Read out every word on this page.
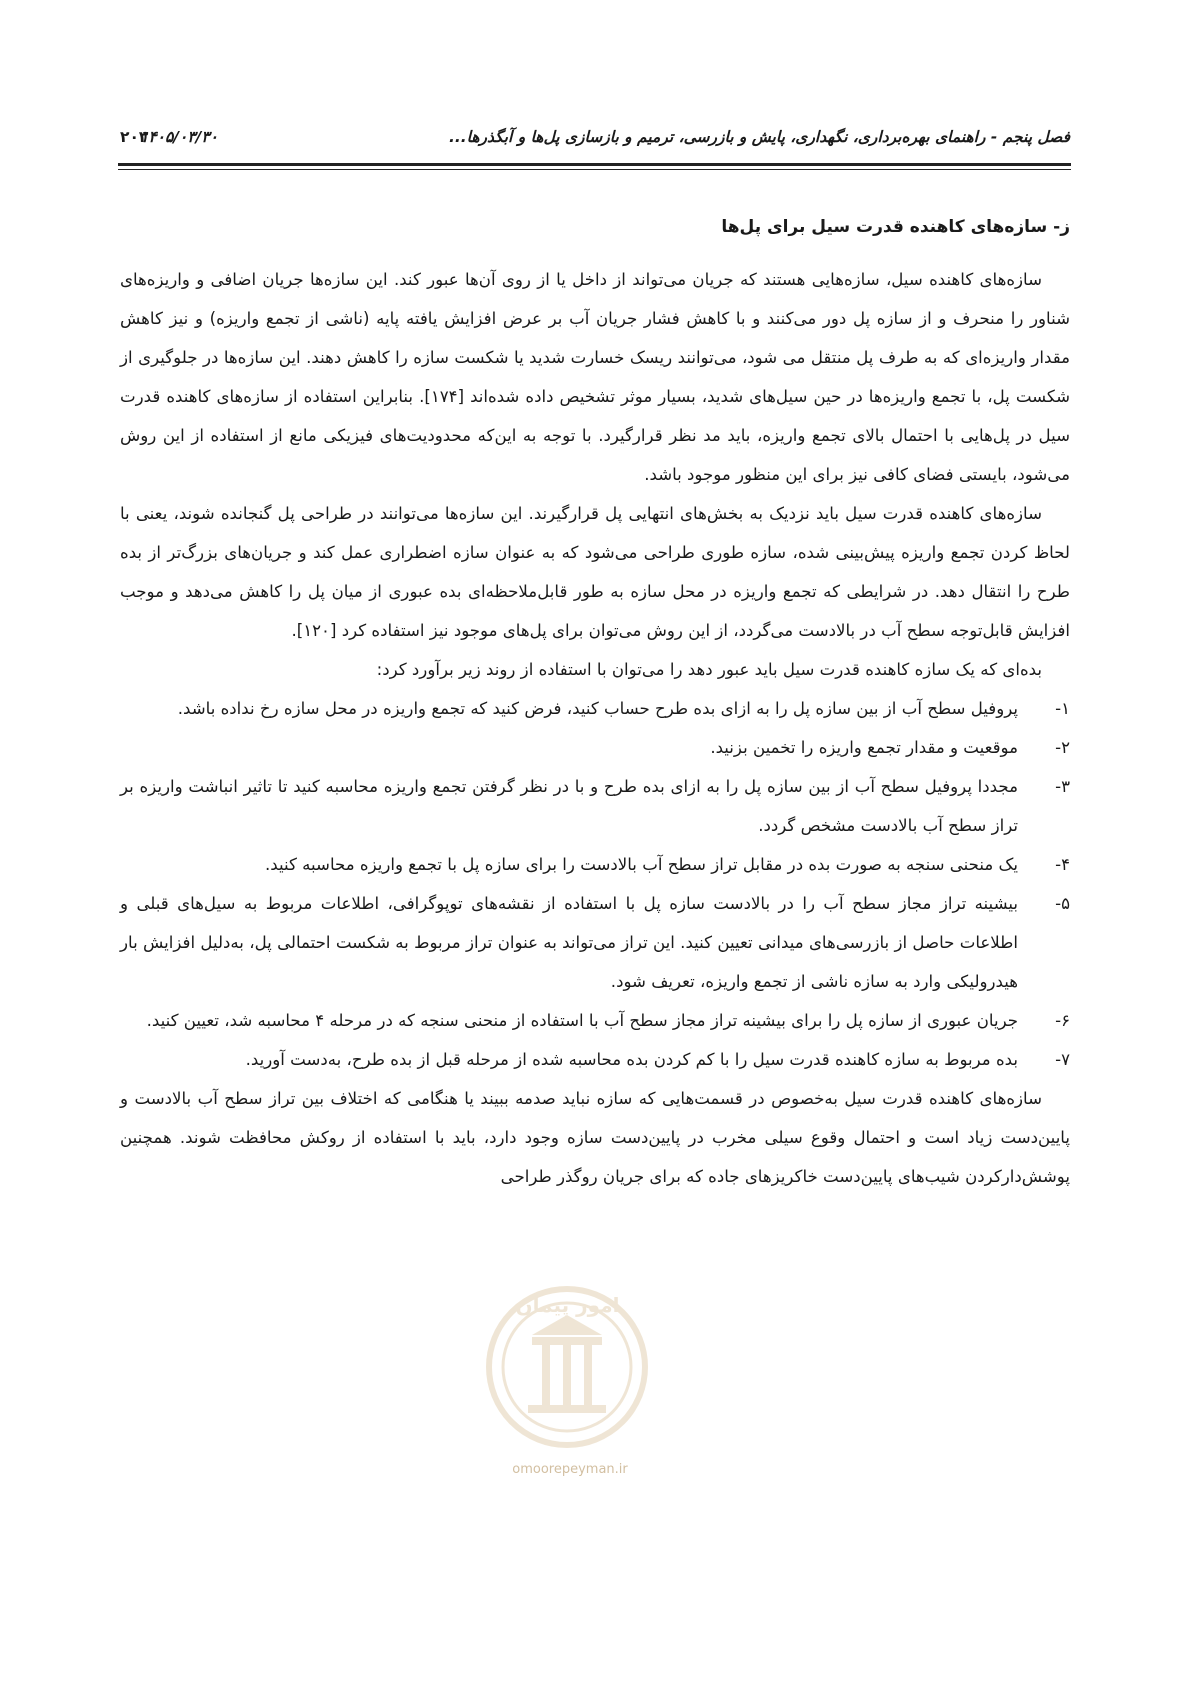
فصل پنجم - راهنمای بهره‌برداری، نگهداری، پایش و بازرسی، ترمیم و بازسازی پل‌ها و آبگذرها...
۱۴۰۵/۰۳/۳۰
۲۰۳
ز- سازه‌های کاهنده قدرت سیل برای پل‌ها

سازه‌های کاهنده سیل، سازه‌هایی هستند که جریان می‌تواند از داخل یا از روی آن‌ها عبور کند. این سازه‌ها جریان اضافی و واریزه‌های شناور را منحرف و از سازه پل دور می‌کنند و با کاهش فشار جریان آب بر عرض افزایش یافته پایه (ناشی از تجمع واریزه) و نیز کاهش مقدار واریزه‌ای که به طرف پل منتقل می شود، می‌توانند ریسک خسارت شدید یا شکست سازه را کاهش دهند. این سازه‌ها در جلوگیری از شکست پل، با تجمع واریزه‌ها در حین سیل‌های شدید، بسیار موثر تشخیص داده شده‌اند [۱۷۴]. بنابراین استفاده از سازه‌های کاهنده قدرت سیل در پل‌هایی با احتمال بالای تجمع واریزه، باید مد نظر قرارگیرد. با توجه به این‌که محدودیت‌های فیزیکی مانع از استفاده از این روش می‌شود، بایستی فضای کافی نیز برای این منظور موجود باشد.

سازه‌های کاهنده قدرت سیل باید نزدیک به بخش‌های انتهایی پل قرارگیرند. این سازه‌ها می‌توانند در طراحی پل گنجانده شوند، یعنی با لحاظ کردن تجمع واریزه پیش‌بینی شده، سازه طوری طراحی می‌شود که به عنوان سازه اضطراری عمل کند و جریان‌های بزرگ‌تر از بده طرح را انتقال دهد. در شرایطی که تجمع واریزه در محل سازه به طور قابل‌ملاحظه‌ای بده عبوری از میان پل را کاهش می‌دهد و موجب افزایش قابل‌توجه سطح آب در بالادست می‌گردد، از این روش می‌توان برای پل‌های موجود نیز استفاده کرد [۱۲۰].

بده‌ای که یک سازه کاهنده قدرت سیل باید عبور دهد را می‌توان با استفاده از روند زیر برآورد کرد:

۱-
پروفیل سطح آب از بین سازه پل را به ازای بده طرح حساب کنید، فرض کنید که تجمع واریزه در محل سازه رخ نداده باشد.
۲-
موقعیت و مقدار تجمع واریزه را تخمین بزنید.
۳-
مجددا پروفیل سطح آب از بین سازه پل را به ازای بده طرح و با در نظر گرفتن تجمع واریزه محاسبه کنید تا تاثیر انباشت واریزه بر تراز سطح آب بالادست مشخص گردد.
۴-
یک منحنی سنجه به صورت بده در مقابل تراز سطح آب بالادست را برای سازه پل با تجمع واریزه محاسبه کنید.
۵-
بیشینه تراز مجاز سطح آب را در بالادست سازه پل با استفاده از نقشه‌های توپوگرافی، اطلاعات مربوط به سیل‌های قبلی و اطلاعات حاصل از بازرسی‌های میدانی تعیین کنید. این تراز می‌تواند به عنوان تراز مربوط به شکست احتمالی پل، به‌دلیل افزایش بار هیدرولیکی وارد به سازه ناشی از تجمع واریزه، تعریف شود.
۶-
جریان عبوری از سازه پل را برای بیشینه تراز مجاز سطح آب با استفاده از منحنی سنجه که در مرحله ۴ محاسبه شد، تعیین کنید.
۷-
بده مربوط به سازه کاهنده قدرت سیل را با کم کردن بده محاسبه شده از مرحله قبل از بده طرح، به‌دست آورید.

سازه‌های کاهنده قدرت سیل به‌خصوص در قسمت‌هایی که سازه نباید صدمه ببیند یا هنگامی که اختلاف بین تراز سطح آب بالادست و پایین‌دست زیاد است و احتمال وقوع سیلی مخرب در پایین‌دست سازه وجود دارد، باید با استفاده از روکش محافظت شوند. همچنین پوشش‌دارکردن شیب‌های پایین‌دست خاکریزهای جاده که برای جریان روگذر طراحی

امور پیمان
omoorepeyman.ir
